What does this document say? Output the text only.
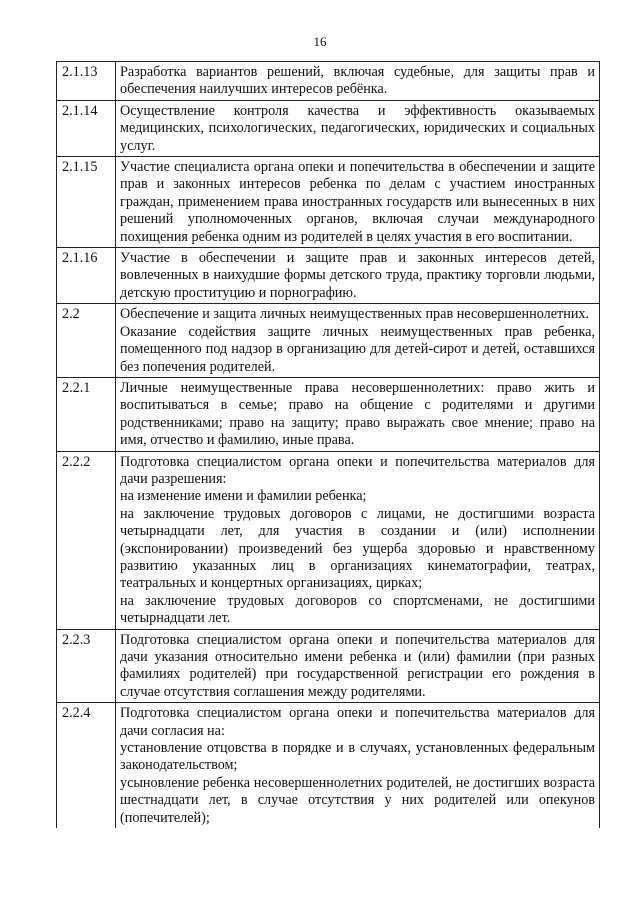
16
2.1.13	Разработка вариантов решений, включая судебные, для защиты прав и обеспечения наилучших интересов ребёнка.

2.1.14	Осуществление контроля качества и эффективность оказываемых медицинских, психологических, педагогических, юридических и социальных услуг.

2.1.15	Участие специалиста органа опеки и попечительства в обеспечении и защите прав и законных интересов ребенка по делам с участием иностранных граждан, применением права иностранных государств или вынесенных в них решений уполномоченных органов, включая случаи международного похищения ребенка одним из родителей в целях участия в его воспитании.

2.1.16	Участие в обеспечении и защите прав и законных интересов детей, вовлеченных в наихудшие формы детского труда, практику торговли людьми, детскую проституцию и порнографию.

2.2	Обеспечение и защита личных неимущественных прав несовершеннолетних.
Оказание содействия защите личных неимущественных прав ребенка, помещенного под надзор в организацию для детей-сирот и детей, оставшихся без попечения родителей.

2.2.1	Личные неимущественные права несовершеннолетних: право жить и воспитываться в семье; право на общение с родителями и другими родственниками; право на защиту; право выражать свое мнение; право на имя, отчество и фамилию, иные права.

2.2.2	Подготовка специалистом органа опеки и попечительства материалов для дачи разрешения:
на изменение имени и фамилии ребенка;
на заключение трудовых договоров с лицами, не достигшими возраста четырнадцати лет, для участия в создании и (или) исполнении (экспонировании) произведений без ущерба здоровью и нравственному развитию указанных лиц в организациях кинематографии, театрах, театральных и концертных организациях, цирках;
на заключение трудовых договоров со спортсменами, не достигшими четырнадцати лет.

2.2.3	Подготовка специалистом органа опеки и попечительства материалов для дачи указания относительно имени ребенка и (или) фамилии (при разных фамилиях родителей) при государственной регистрации его рождения в случае отсутствия соглашения между родителями.

2.2.4	Подготовка специалистом органа опеки и попечительства материалов для дачи согласия на:
установление отцовства в порядке и в случаях, установленных федеральным законодательством;
усыновление ребенка несовершеннолетних родителей, не достигших возраста шестнадцати лет, в случае отсутствия у них родителей или опекунов (попечителей);
